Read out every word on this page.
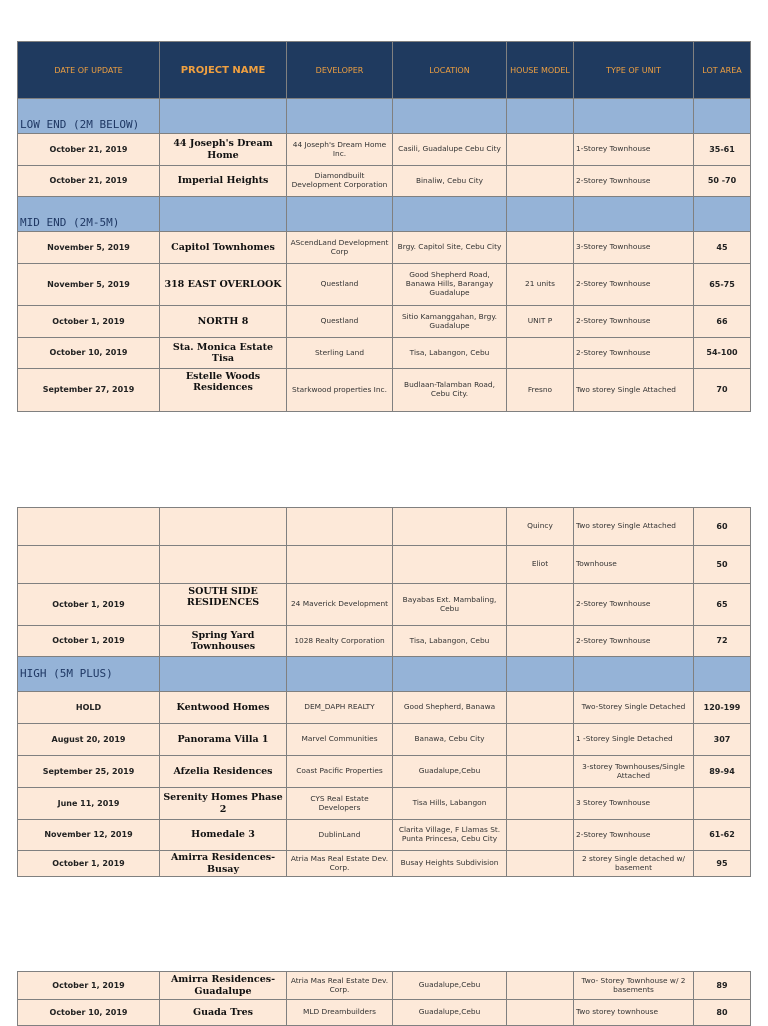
DATE OF UPDATE	PROJECT NAME	DEVELOPER	LOCATION	HOUSE MODEL	TYPE OF UNIT	LOT AREA
LOW END (2M BELOW)						
October 21, 2019	44 Joseph's Dream Home	44 Joseph's Dream Home Inc.	Casili, Guadalupe Cebu City		1-Storey Townhouse	35-61
October 21, 2019	Imperial Heights	Diamondbuilt Development Corporation	Binaliw, Cebu City		2-Storey Townhouse	50 -70
MID END (2M-5M)						
November 5, 2019	Capitol Townhomes	AScendLand Development Corp	Brgy. Capitol Site, Cebu City		3-Storey Townhouse	45
November 5, 2019	318 EAST OVERLOOK	Questland	Good Shepherd Road, Banawa Hills, Barangay Guadalupe	21 units	2-Storey Townhouse	65-75
October 1, 2019	NORTH 8	Questland	Sitio Kamanggahan, Brgy. Guadalupe	UNIT P	2-Storey Townhouse	66
October 10, 2019	Sta. Monica Estate Tisa	Sterling Land	Tisa, Labangon, Cebu		2-Storey Townhouse	54-100
September 27, 2019	Estelle Woods Residences	Starkwood properties Inc.	Budlaan-Talamban Road, Cebu City.	Fresno	Two storey Single Attached	70
				Quincy	Two storey Single Attached	60
				Eliot	Townhouse	50
October 1, 2019	SOUTH SIDE RESIDENCES	24 Maverick Development	Bayabas Ext. Mambaling, Cebu		2-Storey Townhouse	65
October 1, 2019	Spring Yard Townhouses	1028 Realty Corporation	Tisa, Labangon, Cebu		2-Storey Townhouse	72
HIGH (5M PLUS)						
HOLD	Kentwood Homes	DEM_DAPH REALTY	Good Shepherd, Banawa		Two-Storey Single Detached	120-199
August 20, 2019	Panorama Villa 1	Marvel Communities	Banawa, Cebu City		1 -Storey Single Detached	307
September 25, 2019	Afzelia Residences	Coast Pacific Properties	Guadalupe,Cebu		3-storey Townhouses/Single Attached	89-94
June 11, 2019	Serenity Homes Phase 2	CYS Real Estate Developers	Tisa Hills, Labangon		3 Storey Townhouse	
November 12, 2019	Homedale 3	DublinLand	Clarita Village, F Llamas St. Punta Princesa, Cebu City		2-Storey Townhouse	61-62
October 1, 2019	Amirra Residences- Busay	Atria Mas Real Estate Dev. Corp.	Busay Heights Subdivision		2 storey Single detached w/ basement	95
October 1, 2019	Amirra Residences- Guadalupe	Atria Mas Real Estate Dev. Corp.	Guadalupe,Cebu		Two- Storey Townhouse w/ 2 basements	89
October 10, 2019	Guada Tres	MLD Dreambuilders	Guadalupe,Cebu		Two storey townhouse	80
